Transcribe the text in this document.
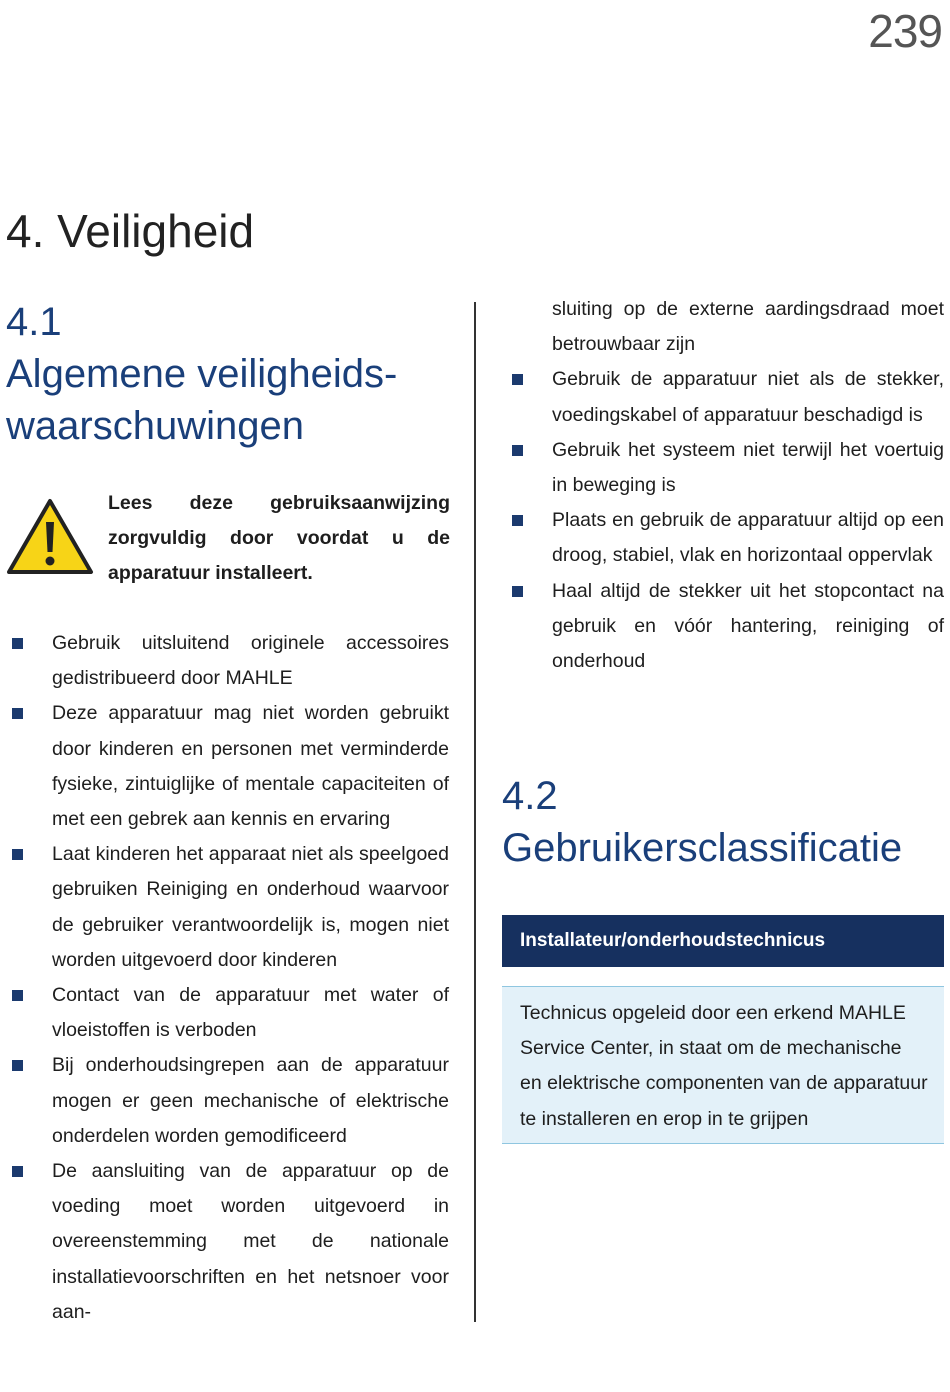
239
4. Veiligheid
4.1
Algemene veiligheids-waarschuwingen
Lees deze gebruiksaanwijzing zorgvuldig door voordat u de apparatuur installeert.
Gebruik uitsluitend originele accessoires gedistribueerd door MAHLE
Deze apparatuur mag niet worden gebruikt door kinderen en personen met verminderde fysieke, zintuiglijke of mentale capaciteiten of met een gebrek aan kennis en ervaring
Laat kinderen het apparaat niet als speelgoed gebruiken Reiniging en onderhoud waarvoor de gebruiker verantwoordelijk is, mogen niet worden uitgevoerd door kinderen
Contact van de apparatuur met water of vloeistoffen is verboden
Bij onderhoudsingrepen aan de apparatuur mogen er geen mechanische of elektrische onderdelen worden gemodificeerd
De aansluiting van de apparatuur op de voeding moet worden uitgevoerd in overeenstemming met de nationale installatievoorschriften en het netsnoer voor aan-
sluiting op de externe aardingsdraad moet betrouwbaar zijn
Gebruik de apparatuur niet als de stekker, voedingskabel of apparatuur beschadigd is
Gebruik het systeem niet terwijl het voertuig in beweging is
Plaats en gebruik de apparatuur altijd op een droog, stabiel, vlak en horizontaal oppervlak
Haal altijd de stekker uit het stopcontact na gebruik en vóór hantering, reiniging of onderhoud
4.2
Gebruikersclassificatie
Installateur/onderhoudstechnicus
Technicus opgeleid door een erkend MAHLE Service Center, in staat om de mechanische en elektrische componenten van de apparatuur te installeren en erop in te grijpen
